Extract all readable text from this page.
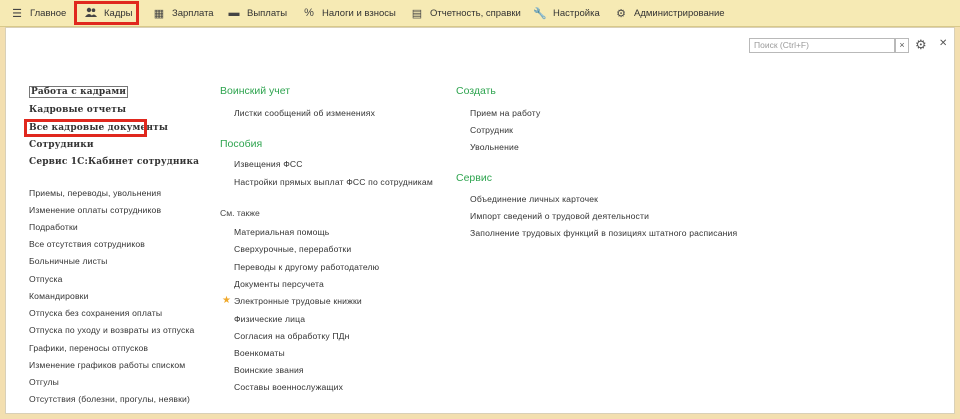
☰ Главное	Кадры ▦ Зарплата ▬ Выплаты % Налоги и взносы ▤ Отчетность, справки 🔧 Настройка ⚙ Администрирование
Поиск (Ctrl+F)	× ⚙ ✕
Работа с кадрами
Кадровые отчеты
Все кадровые документы
Сотрудники
Сервис 1С:Кабинет сотрудника
Приемы, переводы, увольнения
Изменение оплаты сотрудников
Подработки
Все отсутствия сотрудников
Больничные листы
Отпуска
Командировки
Отпуска без сохранения оплаты
Отпуска по уходу и возвраты из отпуска
Графики, переносы отпусков
Изменение графиков работы списком
Отгулы
Отсутствия (болезни, прогулы, неявки)
Воинский учет
Листки сообщений об изменениях
Пособия
Извещения ФСС
Настройки прямых выплат ФСС по сотрудникам
См. также
Материальная помощь
Сверхурочные, переработки
Переводы к другому работодателю
Документы персучета
★ Электронные трудовые книжки
Физические лица
Согласия на обработку ПДн
Военкоматы
Воинские звания
Составы военнослужащих
Создать
Прием на работу
Сотрудник
Увольнение
Сервис
Объединение личных карточек
Импорт сведений о трудовой деятельности
Заполнение трудовых функций в позициях штатного расписания
